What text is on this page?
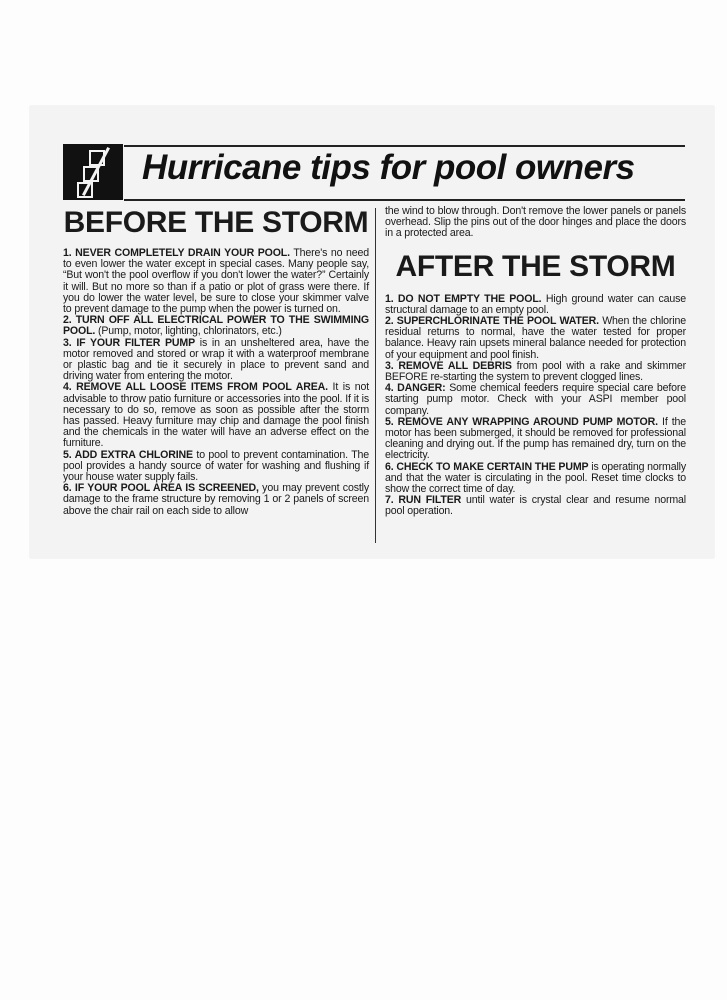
Hurricane tips for pool owners
BEFORE THE STORM

1. NEVER COMPLETELY DRAIN YOUR POOL. There's no need to even lower the water except in special cases. Many people say, “But won't the pool overflow if you don't lower the water?” Certainly it will. But no more so than if a patio or plot of grass were there. If you do lower the water level, be sure to close your skimmer valve to prevent damage to the pump when the power is turned on.

2. TURN OFF ALL ELECTRICAL POWER TO THE SWIMMING POOL. (Pump, motor, lighting, chlorinators, etc.)

3. IF YOUR FILTER PUMP is in an unsheltered area, have the motor removed and stored or wrap it with a waterproof membrane or plastic bag and tie it securely in place to prevent sand and driving water from entering the motor.

4. REMOVE ALL LOOSE ITEMS FROM POOL AREA. It is not advisable to throw patio furniture or accessories into the pool. If it is necessary to do so, remove as soon as possible after the storm has passed. Heavy furniture may chip and damage the pool finish and the chemicals in the water will have an adverse effect on the furniture.

5. ADD EXTRA CHLORINE to pool to prevent contamination. The pool provides a handy source of water for washing and flushing if your house water supply fails.

6. IF YOUR POOL AREA IS SCREENED, you may prevent costly damage to the frame structure by removing 1 or 2 panels of screen above the chair rail on each side to allow

the wind to blow through. Don't remove the lower panels or panels overhead. Slip the pins out of the door hinges and place the doors in a protected area.

AFTER THE STORM

1. DO NOT EMPTY THE POOL. High ground water can cause structural damage to an empty pool.

2. SUPERCHLORINATE THE POOL WATER. When the chlorine residual returns to normal, have the water tested for proper balance. Heavy rain upsets mineral balance needed for protection of your equipment and pool finish.

3. REMOVE ALL DEBRIS from pool with a rake and skimmer BEFORE re-starting the system to prevent clogged lines.

4. DANGER: Some chemical feeders require special care before starting pump motor. Check with your ASPI member pool company.

5. REMOVE ANY WRAPPING AROUND PUMP MOTOR. If the motor has been submerged, it should be removed for professional cleaning and drying out. If the pump has remained dry, turn on the electricity.

6. CHECK TO MAKE CERTAIN THE PUMP is operating normally and that the water is circulating in the pool. Reset time clocks to show the correct time of day.

7. RUN FILTER until water is crystal clear and resume normal pool operation.
